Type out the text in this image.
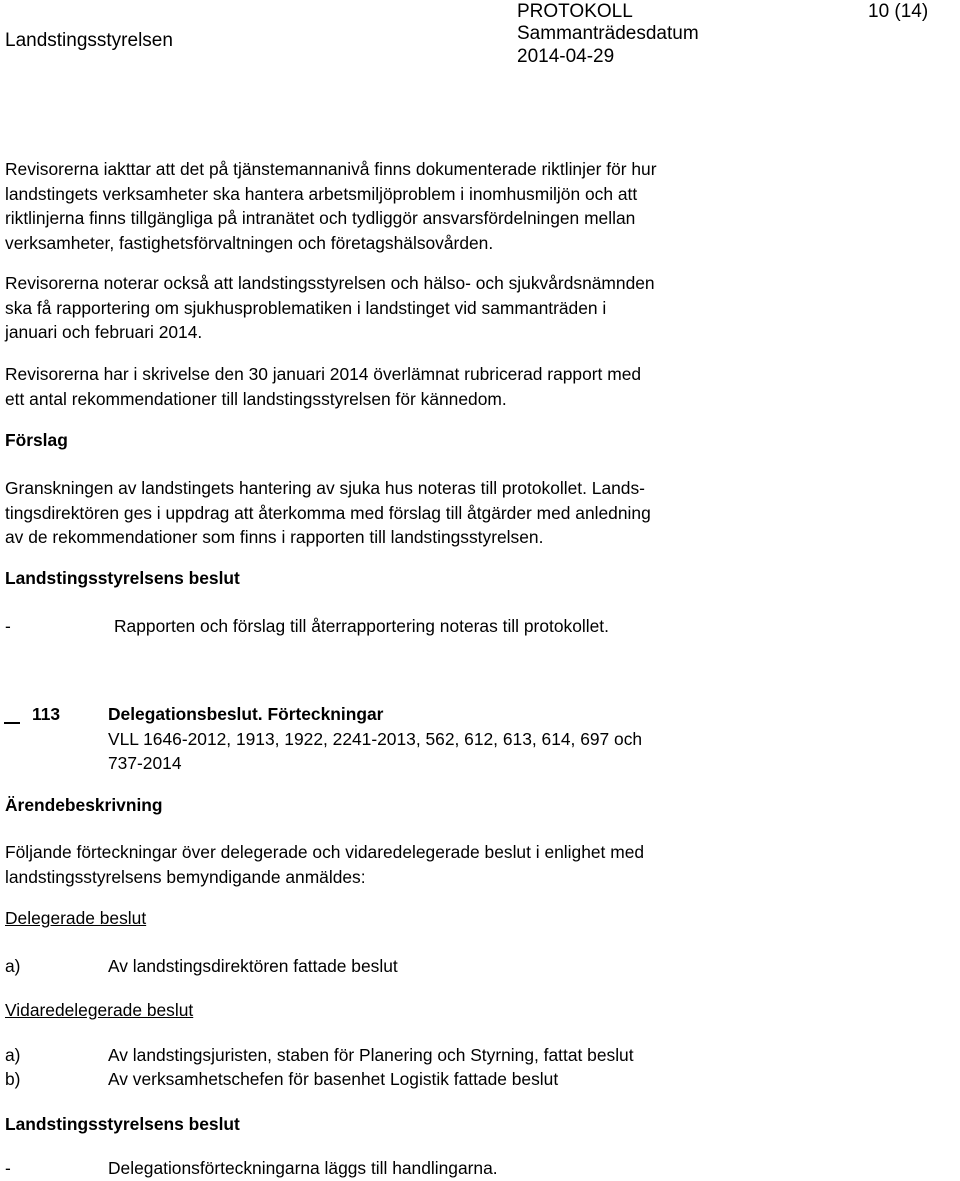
Landstingsstyrelsen
PROTOKOLL
Sammanträdesdatum
2014-04-29
10 (14)
Revisorerna iakttar att det på tjänstemannanivå finns dokumenterade riktlinjer för hur
landstingets verksamheter ska hantera arbetsmiljöproblem i inomhusmiljön och att
riktlinjerna finns tillgängliga på intranätet och tydliggör ansvarsfördelningen mellan
verksamheter, fastighetsförvaltningen och företagshälsovården.
Revisorerna noterar också att landstingsstyrelsen och hälso- och sjukvårdsnämnden
ska få rapportering om sjukhusproblematiken i landstinget vid sammanträden i
januari och februari 2014.
Revisorerna har i skrivelse den 30 januari 2014 överlämnat rubricerad rapport med
ett antal rekommendationer till landstingsstyrelsen för kännedom.
Förslag
Granskningen av landstingets hantering av sjuka hus noteras till protokollet. Lands-
tingsdirektören ges i uppdrag att återkomma med förslag till åtgärder med anledning
av de rekommendationer som finns i rapporten till landstingsstyrelsen.
Landstingsstyrelsens beslut
-	Rapporten och förslag till återrapportering noteras till protokollet.
113	Delegationsbeslut. Förteckningar
VLL 1646-2012, 1913, 1922, 2241-2013, 562, 612, 613, 614, 697 och
737-2014
Ärendebeskrivning
Följande förteckningar över delegerade och vidaredelegerade beslut i enlighet med
landstingsstyrelsens bemyndigande anmäldes:
Delegerade beslut
a)	Av landstingsdirektören fattade beslut
Vidaredelegerade beslut
a)	Av landstingsjuristen, staben för Planering och Styrning, fattat beslut
b)	Av verksamhetschefen för basenhet Logistik fattade beslut
Landstingsstyrelsens beslut
-	Delegationsförteckningarna läggs till handlingarna.
